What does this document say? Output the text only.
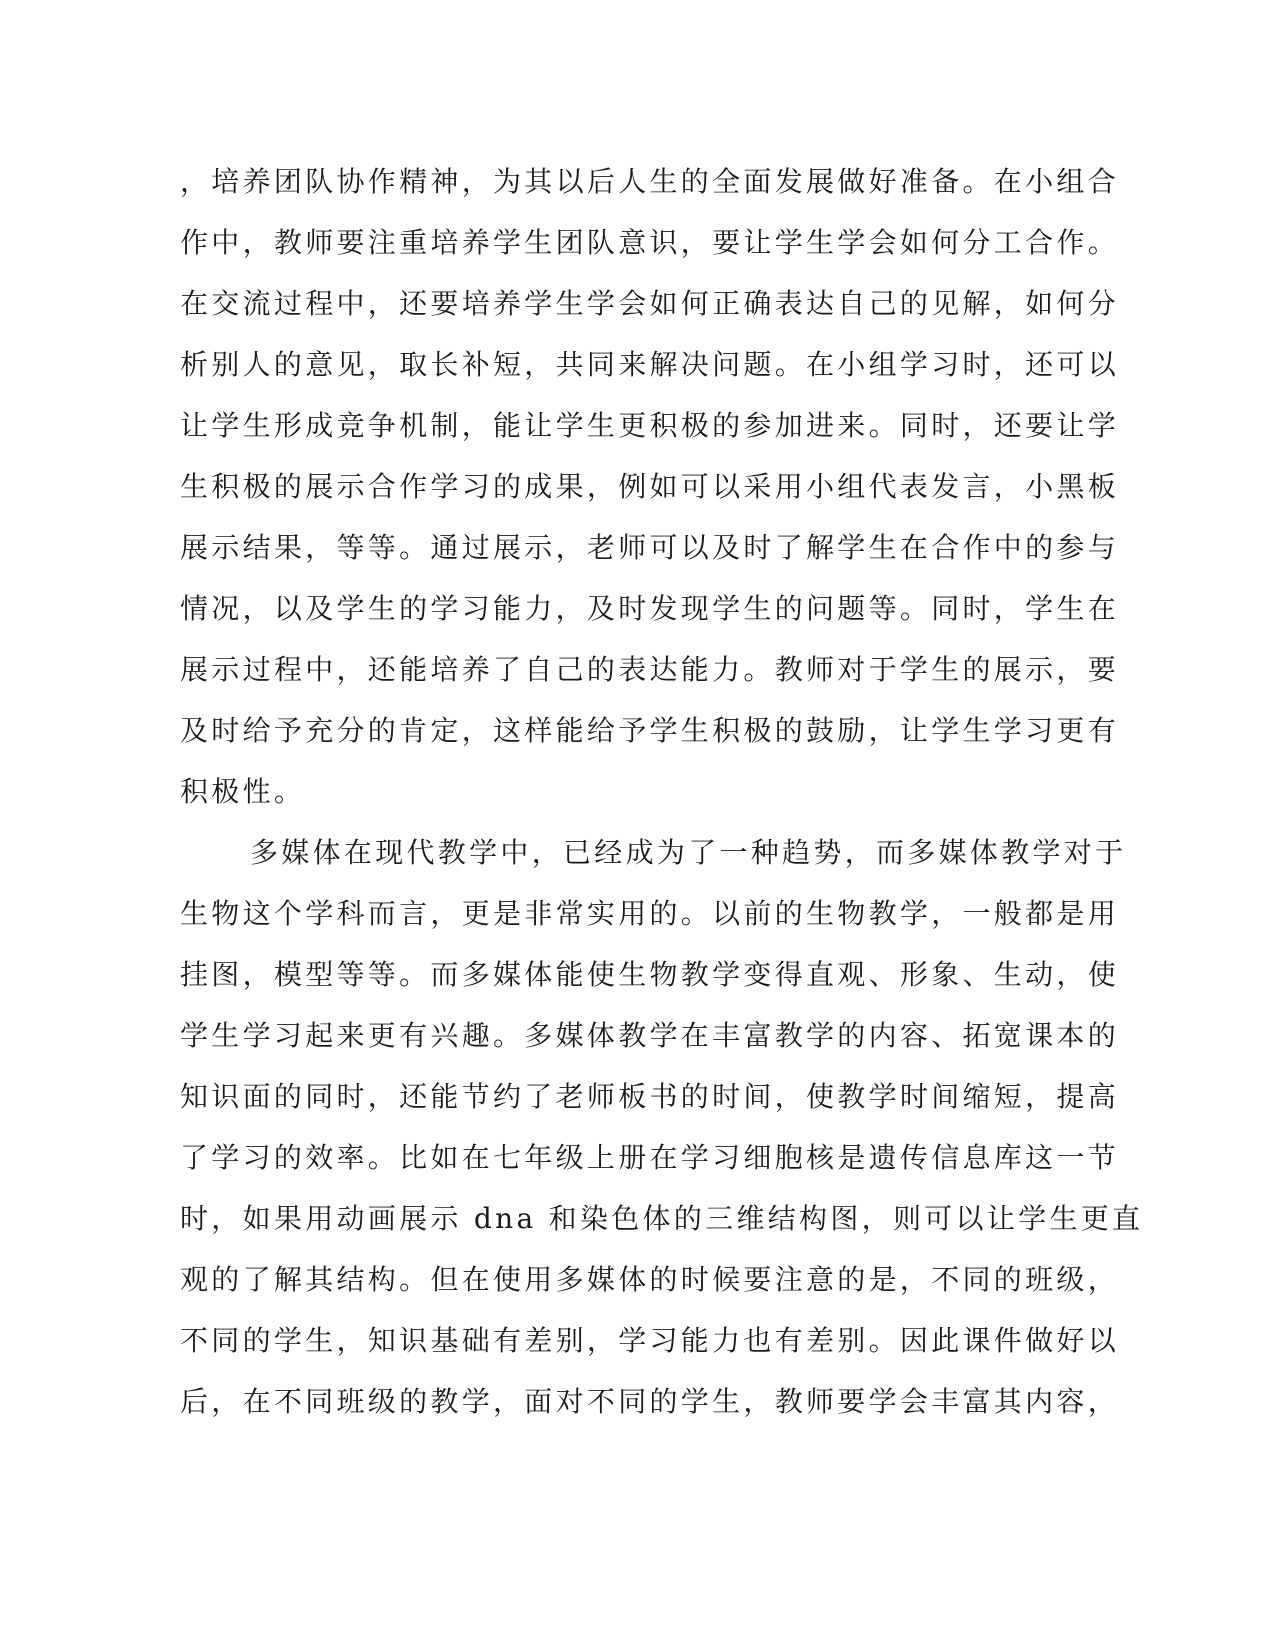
，培养团队协作精神，为其以后人生的全面发展做好准备。在小组合
作中，教师要注重培养学生团队意识，要让学生学会如何分工合作。
在交流过程中，还要培养学生学会如何正确表达自己的见解，如何分
析别人的意见，取长补短，共同来解决问题。在小组学习时，还可以
让学生形成竞争机制，能让学生更积极的参加进来。同时，还要让学
生积极的展示合作学习的成果，例如可以采用小组代表发言，小黑板
展示结果，等等。通过展示，老师可以及时了解学生在合作中的参与
情况，以及学生的学习能力，及时发现学生的问题等。同时，学生在
展示过程中，还能培养了自己的表达能力。教师对于学生的展示，要
及时给予充分的肯定，这样能给予学生积极的鼓励，让学生学习更有
积极性。
多媒体在现代教学中，已经成为了一种趋势，而多媒体教学对于
生物这个学科而言，更是非常实用的。以前的生物教学，一般都是用
挂图，模型等等。而多媒体能使生物教学变得直观、形象、生动，使
学生学习起来更有兴趣。多媒体教学在丰富教学的内容、拓宽课本的
知识面的同时，还能节约了老师板书的时间，使教学时间缩短，提高
了学习的效率。比如在七年级上册在学习细胞核是遗传信息库这一节
时，如果用动画展示 dna 和染色体的三维结构图，则可以让学生更直
观的了解其结构。但在使用多媒体的时候要注意的是，不同的班级，
不同的学生，知识基础有差别，学习能力也有差别。因此课件做好以
后，在不同班级的教学，面对不同的学生，教师要学会丰富其内容，
